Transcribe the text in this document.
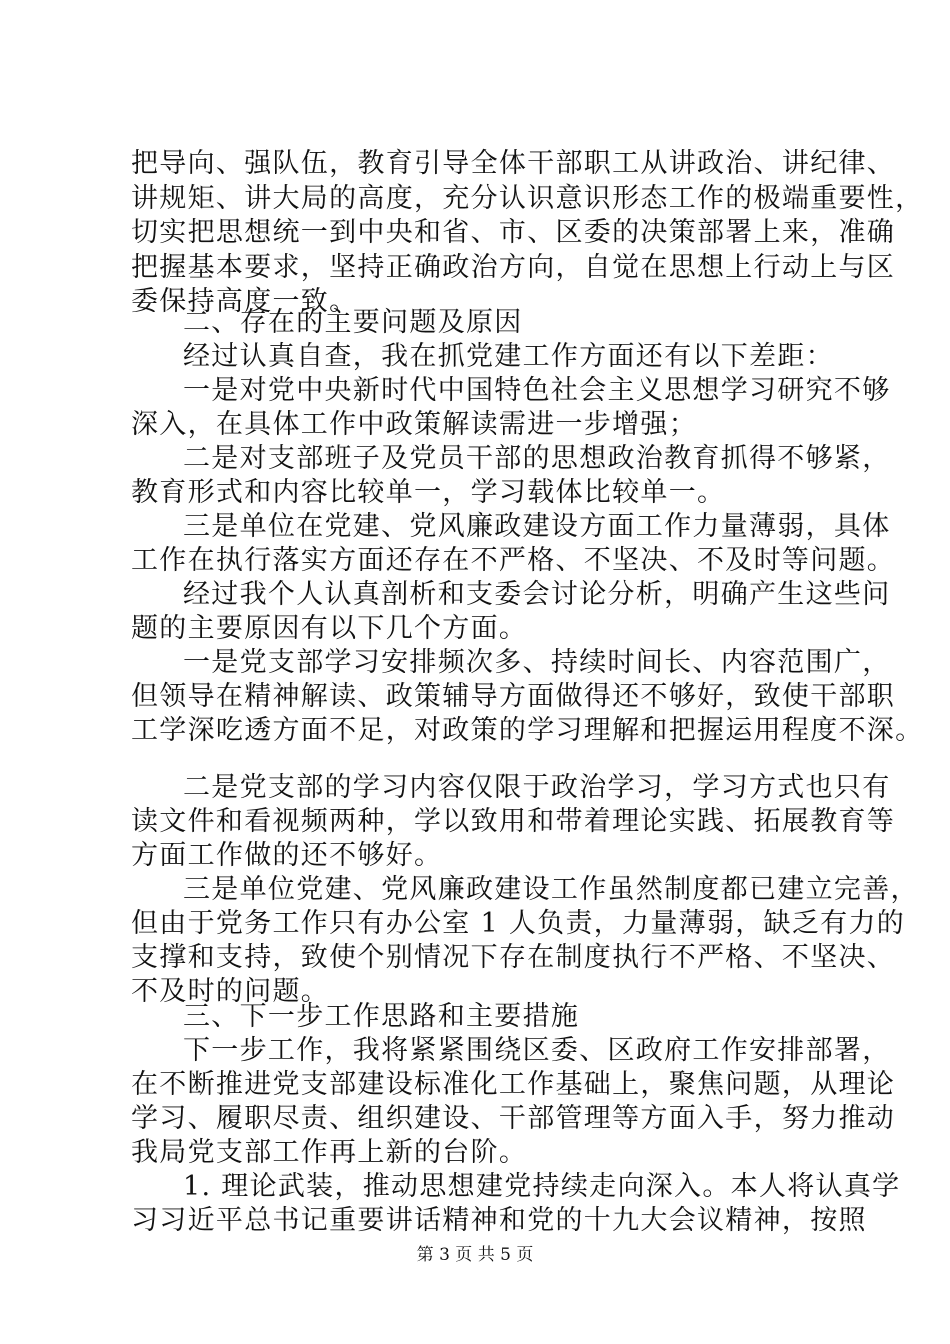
把导向、强队伍，教育引导全体干部职工从讲政治、讲纪律、
讲规矩、讲大局的高度，充分认识意识形态工作的极端重要性，
切实把思想统一到中央和省、市、区委的决策部署上来，准确
把握基本要求，坚持正确政治方向，自觉在思想上行动上与区
委保持高度一致。
二、存在的主要问题及原因
经过认真自查，我在抓党建工作方面还有以下差距：
一是对党中央新时代中国特色社会主义思想学习研究不够
深入，在具体工作中政策解读需进一步增强；
二是对支部班子及党员干部的思想政治教育抓得不够紧，
教育形式和内容比较单一，学习载体比较单一。
三是单位在党建、党风廉政建设方面工作力量薄弱，具体
工作在执行落实方面还存在不严格、不坚决、不及时等问题。
经过我个人认真剖析和支委会讨论分析，明确产生这些问
题的主要原因有以下几个方面。
一是党支部学习安排频次多、持续时间长、内容范围广，
但领导在精神解读、政策辅导方面做得还不够好，致使干部职
工学深吃透方面不足，对政策的学习理解和把握运用程度不深。
二是党支部的学习内容仅限于政治学习，学习方式也只有
读文件和看视频两种，学以致用和带着理论实践、拓展教育等
方面工作做的还不够好。
三是单位党建、党风廉政建设工作虽然制度都已建立完善，
但由于党务工作只有办公室 1 人负责，力量薄弱，缺乏有力的
支撑和支持，致使个别情况下存在制度执行不严格、不坚决、
不及时的问题。
三、下一步工作思路和主要措施
下一步工作，我将紧紧围绕区委、区政府工作安排部署，
在不断推进党支部建设标准化工作基础上，聚焦问题，从理论
学习、履职尽责、组织建设、干部管理等方面入手，努力推动
我局党支部工作再上新的台阶。
1. 理论武装，推动思想建党持续走向深入。本人将认真学
习习近平总书记重要讲话精神和党的十九大会议精神，按照
第 3 页 共 5 页
